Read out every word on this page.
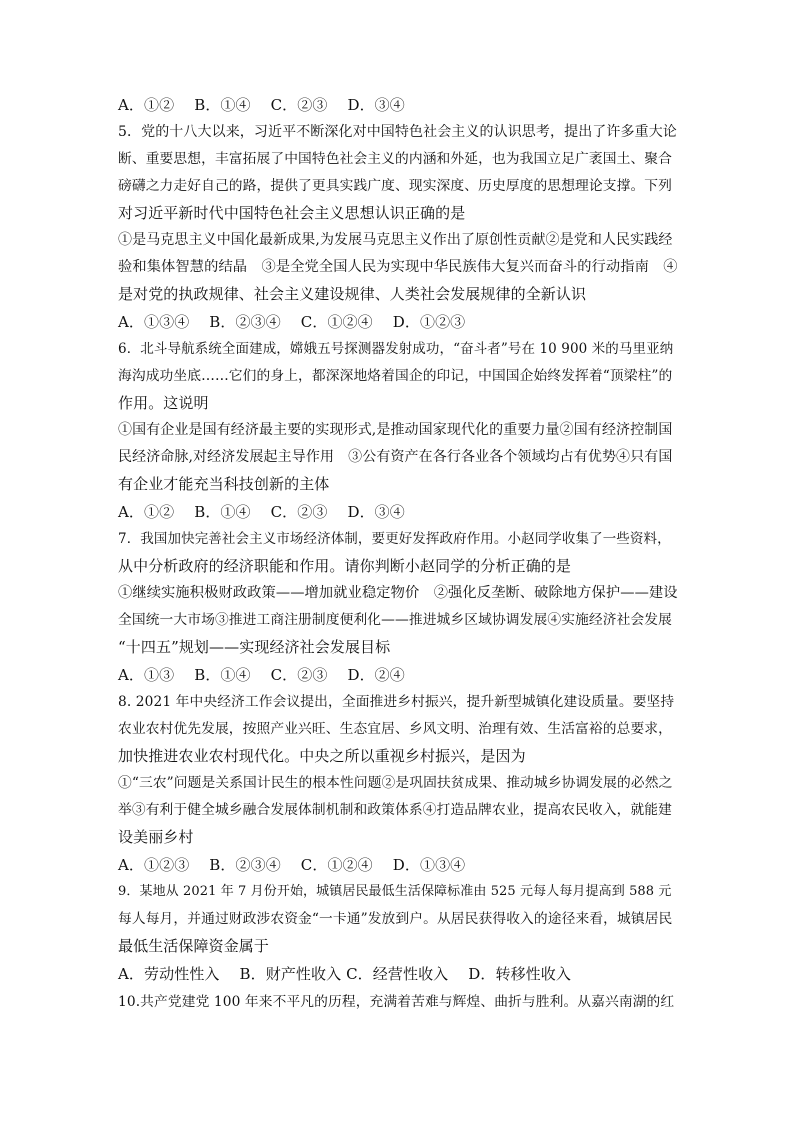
A．①②　 B．①④　 C．②③　 D．③④
5．党的十八大以来，习近平不断深化对中国特色社会主义的认识思考，提出了许多重大论
断、重要思想，丰富拓展了中国特色社会主义的内涵和外延，也为我国立足广袤国土、聚合
磅礴之力走好自己的路，提供了更具实践广度、现实深度、历史厚度的思想理论支撑。下列
对习近平新时代中国特色社会主义思想认识正确的是
①是马克思主义中国化最新成果,为发展马克思主义作出了原创性贡献②是党和人民实践经
验和集体智慧的结晶　③是全党全国人民为实现中华民族伟大复兴而奋斗的行动指南　④
是对党的执政规律、社会主义建设规律、人类社会发展规律的全新认识
A．①③④　 B．②③④　 C．①②④　 D．①②③
6．北斗导航系统全面建成，嫦娥五号探测器发射成功，“奋斗者”号在 10 900 米的马里亚纳
海沟成功坐底……它们的身上，都深深地烙着国企的印记，中国国企始终发挥着“顶梁柱”的
作用。这说明
①国有企业是国有经济最主要的实现形式,是推动国家现代化的重要力量②国有经济控制国
民经济命脉,对经济发展起主导作用　③公有资产在各行各业各个领域均占有优势④只有国
有企业才能充当科技创新的主体
A．①②　 B．①④　 C．②③　 D．③④
7．我国加快完善社会主义市场经济体制，要更好发挥政府作用。小赵同学收集了一些资料，
从中分析政府的经济职能和作用。请你判断小赵同学的分析正确的是
①继续实施积极财政政策——增加就业稳定物价　②强化反垄断、破除地方保护——建设
全国统一大市场③推进工商注册制度便利化——推进城乡区域协调发展④实施经济社会发展
“十四五”规划——实现经济社会发展目标
A．①③　 B．①④　 C．②③　 D．②④
8. 2021 年中央经济工作会议提出，全面推进乡村振兴，提升新型城镇化建设质量。要坚持
农业农村优先发展，按照产业兴旺、生态宜居、乡风文明、治理有效、生活富裕的总要求，
加快推进农业农村现代化。中央之所以重视乡村振兴，是因为
①“三农”问题是关系国计民生的根本性问题②是巩固扶贫成果、推动城乡协调发展的必然之
举③有利于健全城乡融合发展体制机制和政策体系④打造品牌农业，提高农民收入，就能建
设美丽乡村
A．①②③　 B．②③④　 C．①②④　 D．①③④
9．某地从 2021 年 7 月份开始，城镇居民最低生活保障标准由 525 元每人每月提高到 588 元
每人每月，并通过财政涉农资金“一卡通”发放到户。从居民获得收入的途径来看，城镇居民
最低生活保障资金属于
A．劳动性性入　 B．财产性收入 C．经营性收入　 D．转移性收入
10.共产党建党 100 年来不平凡的历程，充满着苦难与辉煌、曲折与胜利。从嘉兴南湖的红
